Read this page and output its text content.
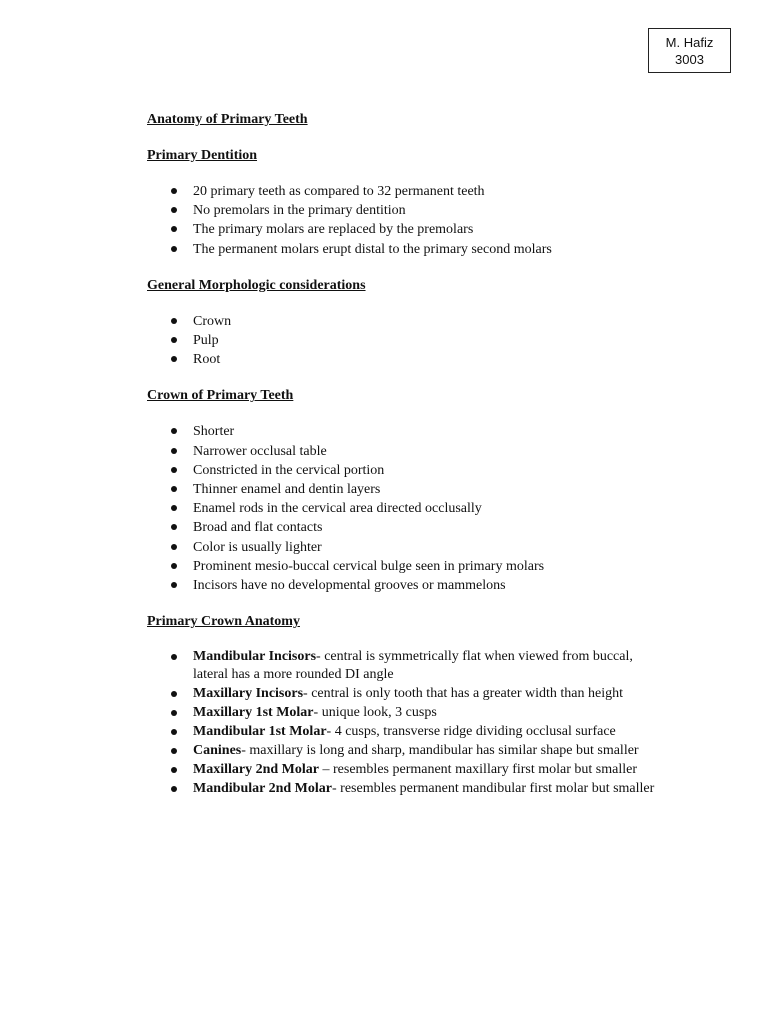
M. Hafiz
3003

Anatomy of Primary Teeth

Primary Dentition

20 primary teeth as compared to 32 permanent teeth
No premolars in the primary dentition
The primary molars are replaced by the premolars
The permanent molars erupt distal to the primary second molars

General Morphologic considerations

Crown
Pulp
Root

Crown of Primary Teeth

Shorter
Narrower occlusal table
Constricted in the cervical portion
Thinner enamel and dentin layers
Enamel rods in the cervical area directed occlusally
Broad and flat contacts
Color is usually lighter
Prominent mesio-buccal cervical bulge seen in primary molars
Incisors have no developmental grooves or mammelons

Primary Crown Anatomy

Mandibular Incisors- central is symmetrically flat when viewed from buccal, lateral has a more rounded DI angle
Maxillary Incisors- central is only tooth that has a greater width than height
Maxillary 1st Molar- unique look, 3 cusps
Mandibular 1st Molar- 4 cusps, transverse ridge dividing occlusal surface
Canines- maxillary is long and sharp, mandibular has similar shape but smaller
Maxillary 2nd Molar – resembles permanent maxillary first molar but smaller
Mandibular 2nd Molar- resembles permanent mandibular first molar but smaller
